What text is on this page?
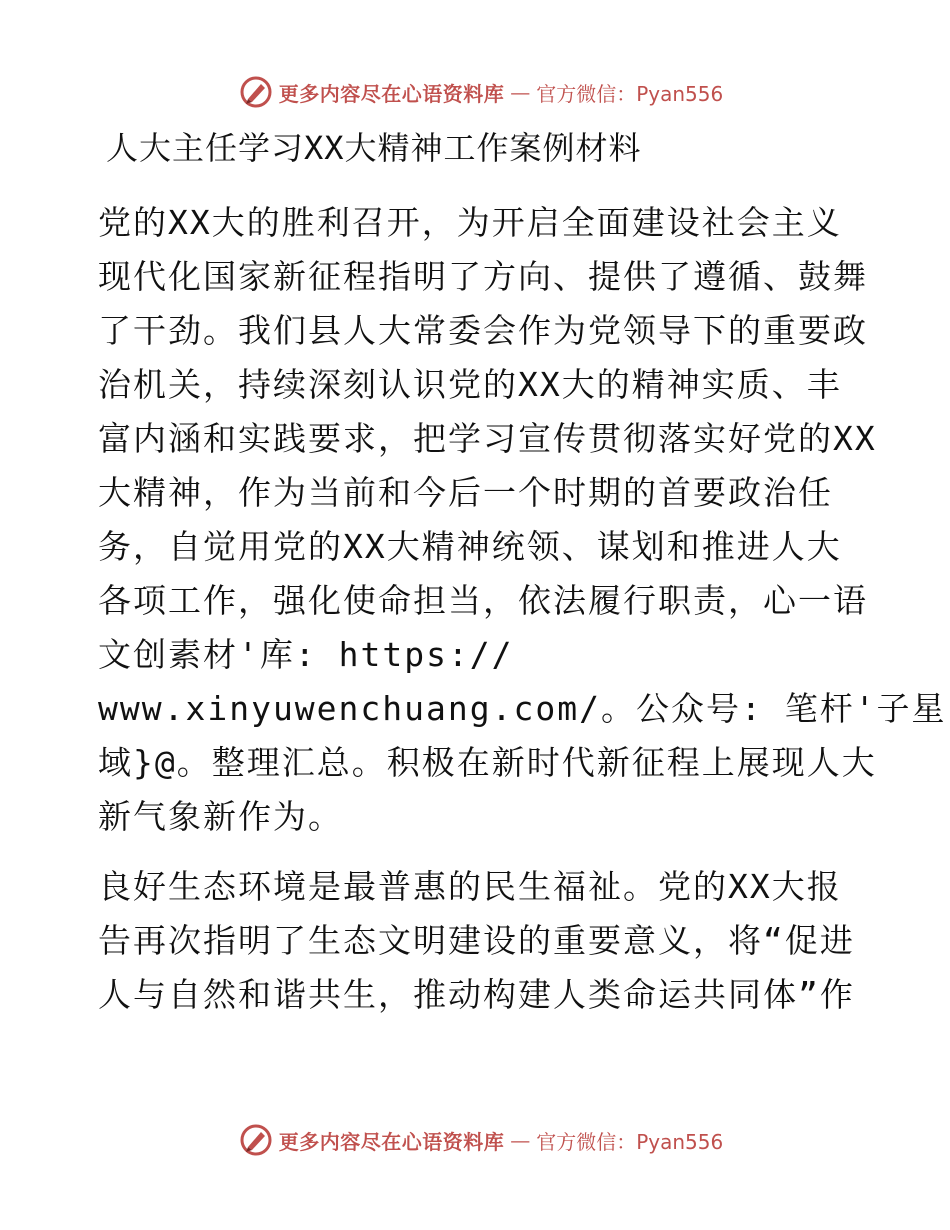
更多内容尽在心语资料库 — 官方微信：Pyan556
人大主任学习XX大精神工作案例材料

党的XX大的胜利召开，为开启全面建设社会主义
现代化国家新征程指明了方向、提供了遵循、鼓舞
了干劲。我们县人大常委会作为党领导下的重要政
治机关，持续深刻认识党的XX大的精神实质、丰
富内涵和实践要求，把学习宣传贯彻落实好党的XX
大精神，作为当前和今后一个时期的首要政治任
务，自觉用党的XX大精神统领、谋划和推进人大
各项工作，强化使命担当，依法履行职责，心一语
文创素材'库: https://
www.xinyuwenchuang.com/。公众号: 笔杆'子星
域}@。整理汇总。积极在新时代新征程上展现人大
新气象新作为。

良好生态环境是最普惠的民生福祉。党的XX大报
告再次指明了生态文明建设的重要意义，将“促进
人与自然和谐共生，推动构建人类命运共同体”作

更多内容尽在心语资料库 — 官方微信：Pyan556
